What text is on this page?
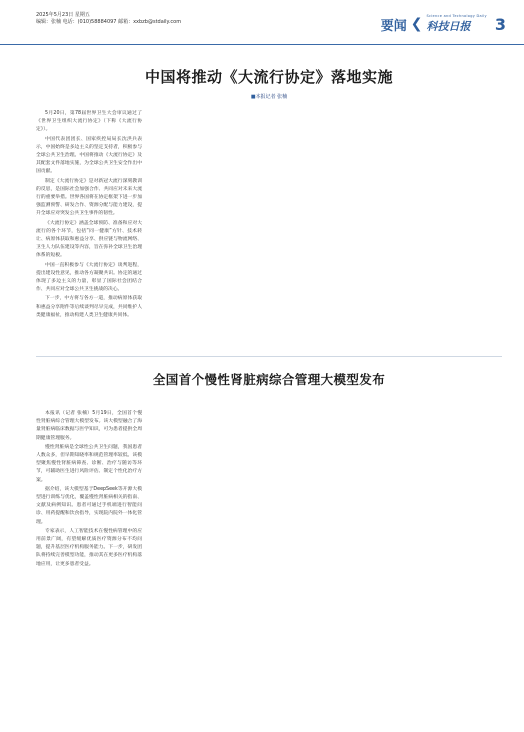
2025年5月23日 星期五
编辑：张楠 电话：(010)58884097 邮箱：xxbzb@stdaily.com	要闻 ❮ Science and Technology Daily
科技日报 3
中国将推动《大流行协定》落地实施
■本报记者 张楠

5月20日，第78届世界卫生大会审议通过了《世界卫生组织大流行协定》（下称《大流行协定》）。

中国代表团团长、国家疾控局局长沈洪兵表示，中国始终是多边主义的坚定支持者，积极参与全球公共卫生治理。中国将推动《大流行协定》及其配套文件落地实施，为全球公共卫生安全作出中国贡献。

制定《大流行协定》是对新冠大流行深刻教训的反思，是国际社会加强合作、共同应对未来大流行的重要举措。世界各国将在协定框架下进一步加强监测预警、研发合作、资源分配与能力建设，提升全球应对突发公共卫生事件的韧性。

《大流行协定》涵盖全球预防、准备和应对大流行的各个环节，包括“同一健康”方针、技术转让、病原体获取和惠益分享、供应链与物流网络、卫生人力队伍建设等内容，旨在弥补全球卫生治理体系的短板。

中国一直积极参与《大流行协定》谈判进程，提出建设性意见，推动各方凝聚共识。协定的通过体现了多边主义的力量，彰显了国际社会团结合作、共同应对全球公共卫生挑战的决心。

下一步，中方将与各方一道，推动病原体获取和惠益分享附件等后续谈判尽早完成，共同维护人类健康福祉，推动构建人类卫生健康共同体。

全国首个慢性肾脏病综合管理大模型发布

本报讯（记者 张楠）5月19日，全国首个慢性肾脏病综合管理大模型发布。该大模型融合了海量肾脏病临床数据与医学知识，可为患者提供全周期健康管理服务。

慢性肾脏病是全球性公共卫生问题，我国患者人数众多，但早期知晓率和规范管理率较低。该模型聚焦慢性肾脏病筛查、诊断、治疗与随访等环节，可辅助医生进行风险评估、制定个性化治疗方案。

据介绍，该大模型基于DeepSeek等开源大模型进行训练与优化，覆盖慢性肾脏病相关的指南、文献及病例知识。患者可通过手机端进行智能问诊、用药提醒和饮食指导，实现院内院外一体化管理。

专家表示，人工智能技术在慢性病管理中的应用前景广阔，有望缓解优质医疗资源分布不均问题，提升基层医疗机构服务能力。下一步，研发团队将持续完善模型功能，推动其在更多医疗机构落地应用，让更多患者受益。
